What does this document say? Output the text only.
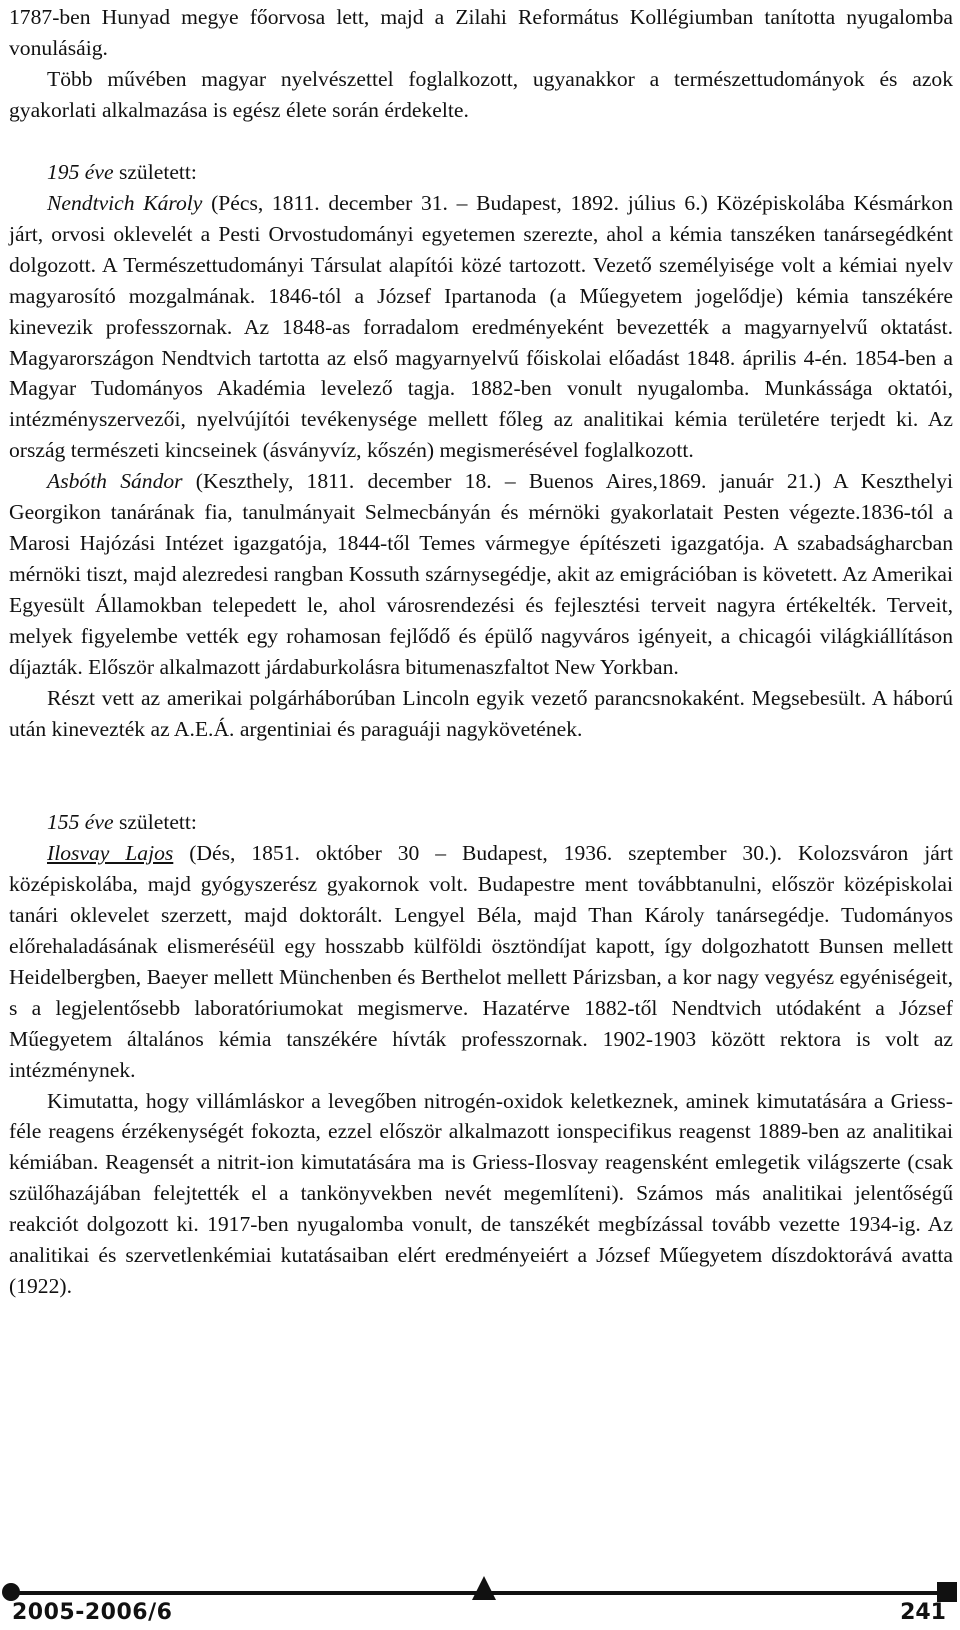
1787-ben Hunyad megye főorvosa lett, majd a Zilahi Református Kollégiumban tanította nyugalomba vonulásáig.

Több művében magyar nyelvészettel foglalkozott, ugyanakkor a természettudományok és azok gyakorlati alkalmazása is egész élete során érdekelte.

195 éve született:

Nendtvich Károly (Pécs, 1811. december 31. – Budapest, 1892. július 6.) Középiskolába Késmárkon járt, orvosi oklevelét a Pesti Orvostudományi egyetemen szerezte, ahol a kémia tanszéken tanársegédként dolgozott. A Természettudományi Társulat alapítói közé tartozott. Vezető személyisége volt a kémiai nyelv magyarosító mozgalmának. 1846-tól a József Ipartanoda (a Műegyetem jogelődje) kémia tanszékére kinevezik professzornak. Az 1848-as forradalom eredményeként bevezették a magyarnyelvű oktatást. Magyarországon Nendtvich tartotta az első magyarnyelvű főiskolai előadást 1848. április 4-én. 1854-ben a Magyar Tudományos Akadémia levelező tagja. 1882-ben vonult nyugalomba. Munkássága oktatói, intézményszervezői, nyelvújítói tevékenysége mellett főleg az analitikai kémia területére terjedt ki. Az ország természeti kincseinek (ásványvíz, kőszén) megismerésével foglalkozott.

Asbóth Sándor (Keszthely, 1811. december 18. – Buenos Aires,1869. január 21.) A Keszthelyi Georgikon tanárának fia, tanulmányait Selmecbányán és mérnöki gyakorlatait Pesten végezte.1836-tól a Marosi Hajózási Intézet igazgatója, 1844-től Temes vármegye építészeti igazgatója. A szabadságharcban mérnöki tiszt, majd alezredesi rangban Kossuth szárnysegédje, akit az emigrációban is követett. Az Amerikai Egyesült Államokban telepedett le, ahol városrendezési és fejlesztési terveit nagyra értékelték. Terveit, melyek figyelembe vették egy rohamosan fejlődő és épülő nagyváros igényeit, a chicagói világkiállításon díjazták. Először alkalmazott járdaburkolásra bitumenaszfaltot New Yorkban.

Részt vett az amerikai polgárháborúban Lincoln egyik vezető parancsnokaként. Megsebesült. A háború után kinevezték az A.E.Á. argentiniai és paraguáji nagykövetének.

155 éve született:

Ilosvay Lajos (Dés, 1851. október 30 – Budapest, 1936. szeptember 30.). Kolozsváron járt középiskolába, majd gyógyszerész gyakornok volt. Budapestre ment továbbtanulni, először középiskolai tanári oklevelet szerzett, majd doktorált. Lengyel Béla, majd Than Károly tanársegédje. Tudományos előrehaladásának elismeréséül egy hosszabb külföldi ösztöndíjat kapott, így dolgozhatott Bunsen mellett Heidelbergben, Baeyer mellett Münchenben és Berthelot mellett Párizsban, a kor nagy vegyész egyéniségeit, s a legjelentősebb laboratóriumokat megismerve. Hazatérve 1882-től Nendtvich utódaként a József Műegyetem általános kémia tanszékére hívták professzornak. 1902-1903 között rektora is volt az intézménynek.

Kimutatta, hogy villámláskor a levegőben nitrogén-oxidok keletkeznek, aminek kimutatására a Griess-féle reagens érzékenységét fokozta, ezzel először alkalmazott ionspecifikus reagenst 1889-ben az analitikai kémiában. Reagensét a nitrit-ion kimutatására ma is Griess-Ilosvay reagensként emlegetik világszerte (csak szülőhazájában felejtették el a tankönyvekben nevét megemlíteni). Számos más analitikai jelentőségű reakciót dolgozott ki. 1917-ben nyugalomba vonult, de tanszékét megbízással tovább vezette 1934-ig. Az analitikai és szervetlenkémiai kutatásaiban elért eredményeiért a József Műegyetem díszdoktorává avatta (1922).

2005-2006/6	241
